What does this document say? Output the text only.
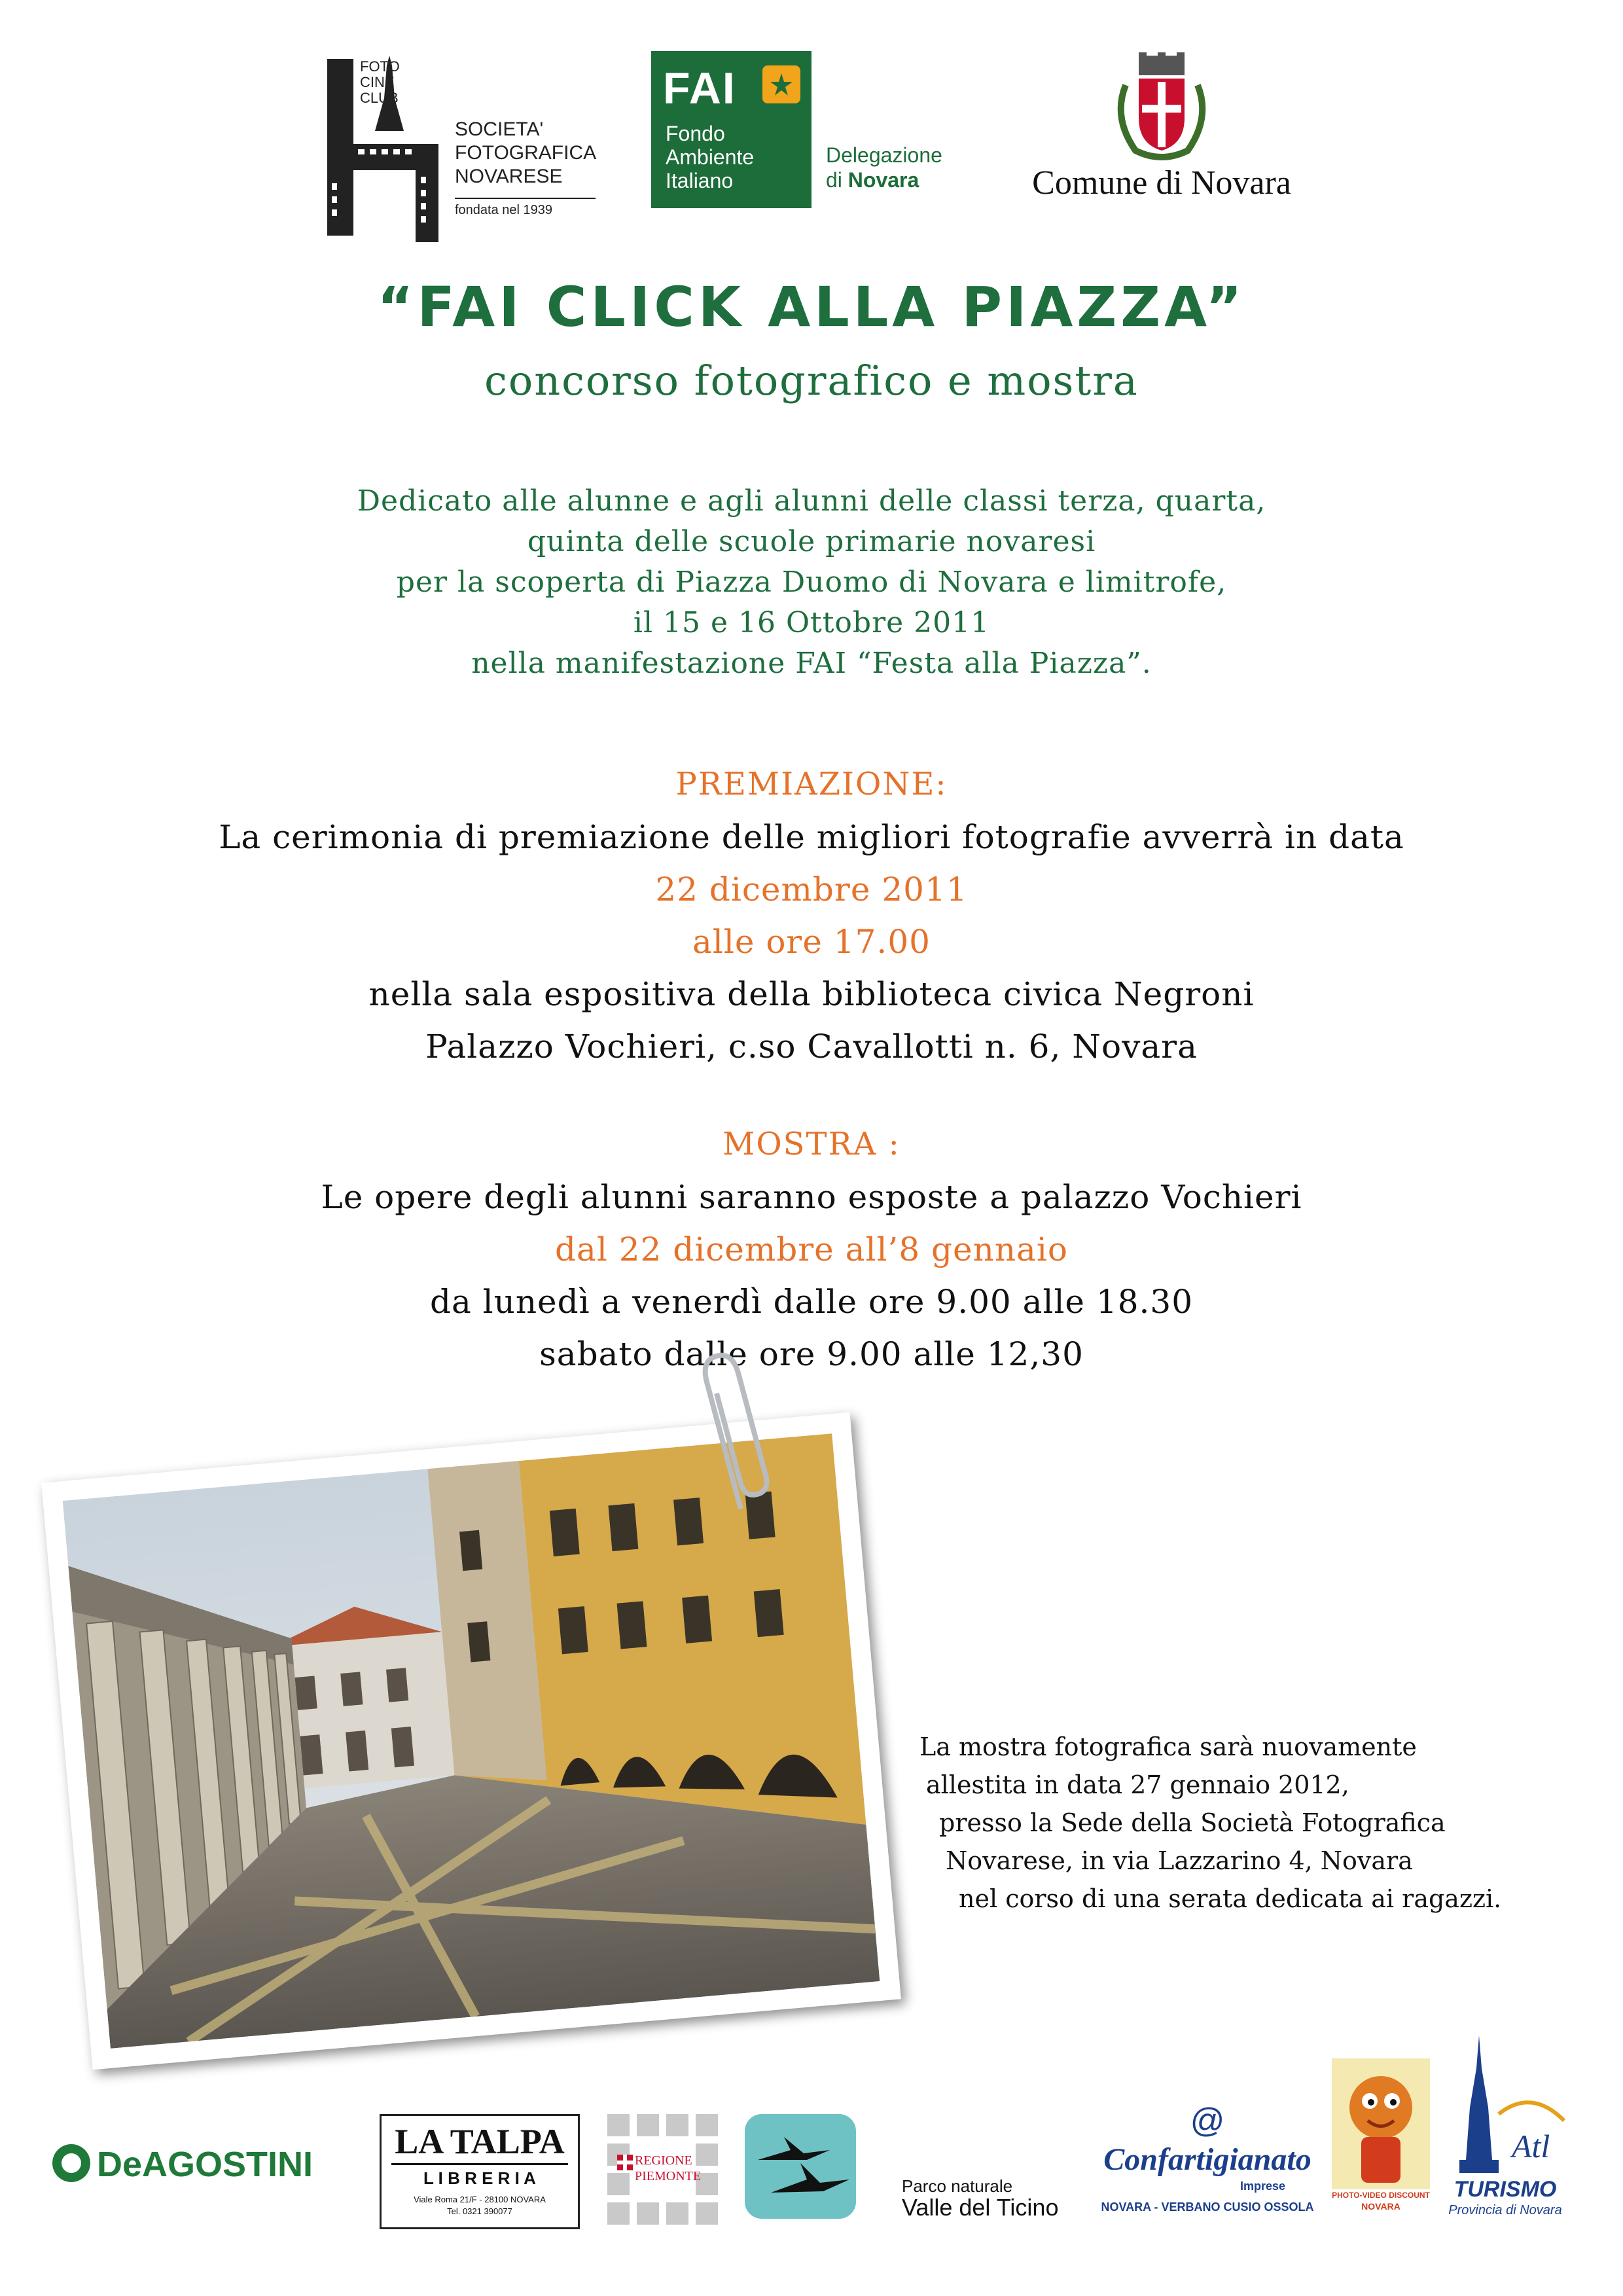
FOTO
CINE
CLUB
SOCIETA'
FOTOGRAFICA
NOVARESE
fondata nel 1939
FAI
Fondo
Ambiente
Italiano
Delegazione
di Novara	Comune di Novara
“FAI CLICK ALLA PIAZZA”
concorso fotografico e mostra
Dedicato alle alunne e agli alunni delle classi terza, quarta,
quinta delle scuole primarie novaresi
per la scoperta di Piazza Duomo di Novara e limitrofe,
il 15 e 16 Ottobre 2011
nella manifestazione FAI “Festa alla Piazza”.
PREMIAZIONE:
La cerimonia di premiazione delle migliori fotografie avverrà in data
22 dicembre 2011
alle ore 17.00
nella sala espositiva della biblioteca civica Negroni
Palazzo Vochieri, c.so Cavallotti n. 6, Novara
MOSTRA :
Le opere degli alunni saranno esposte a palazzo Vochieri
dal 22 dicembre all’8 gennaio
da lunedì a venerdì dalle ore 9.00 alle 18.30
sabato dalle ore 9.00 alle 12,30
La mostra fotografica sarà nuovamente
allestita in data 27 gennaio 2012,
presso la Sede della Società Fotografica
Novarese, in via Lazzarino 4, Novara
nel corso di una serata dedicata ai ragazzi.
DeAGOSTINI
LA TALPA
L I B R E R I A
Viale Roma 21/F - 28100 NOVARA
Tel. 0321 390077
REGIONE
PIEMONTE	Parco naturale
Valle del Ticino
@
Confartigianato
Imprese
NOVARA - VERBANO CUSIO OSSOLA
PHOTO-VIDEO DISCOUNT
NOVARA
Atl
TURISMO
Provincia di Novara
